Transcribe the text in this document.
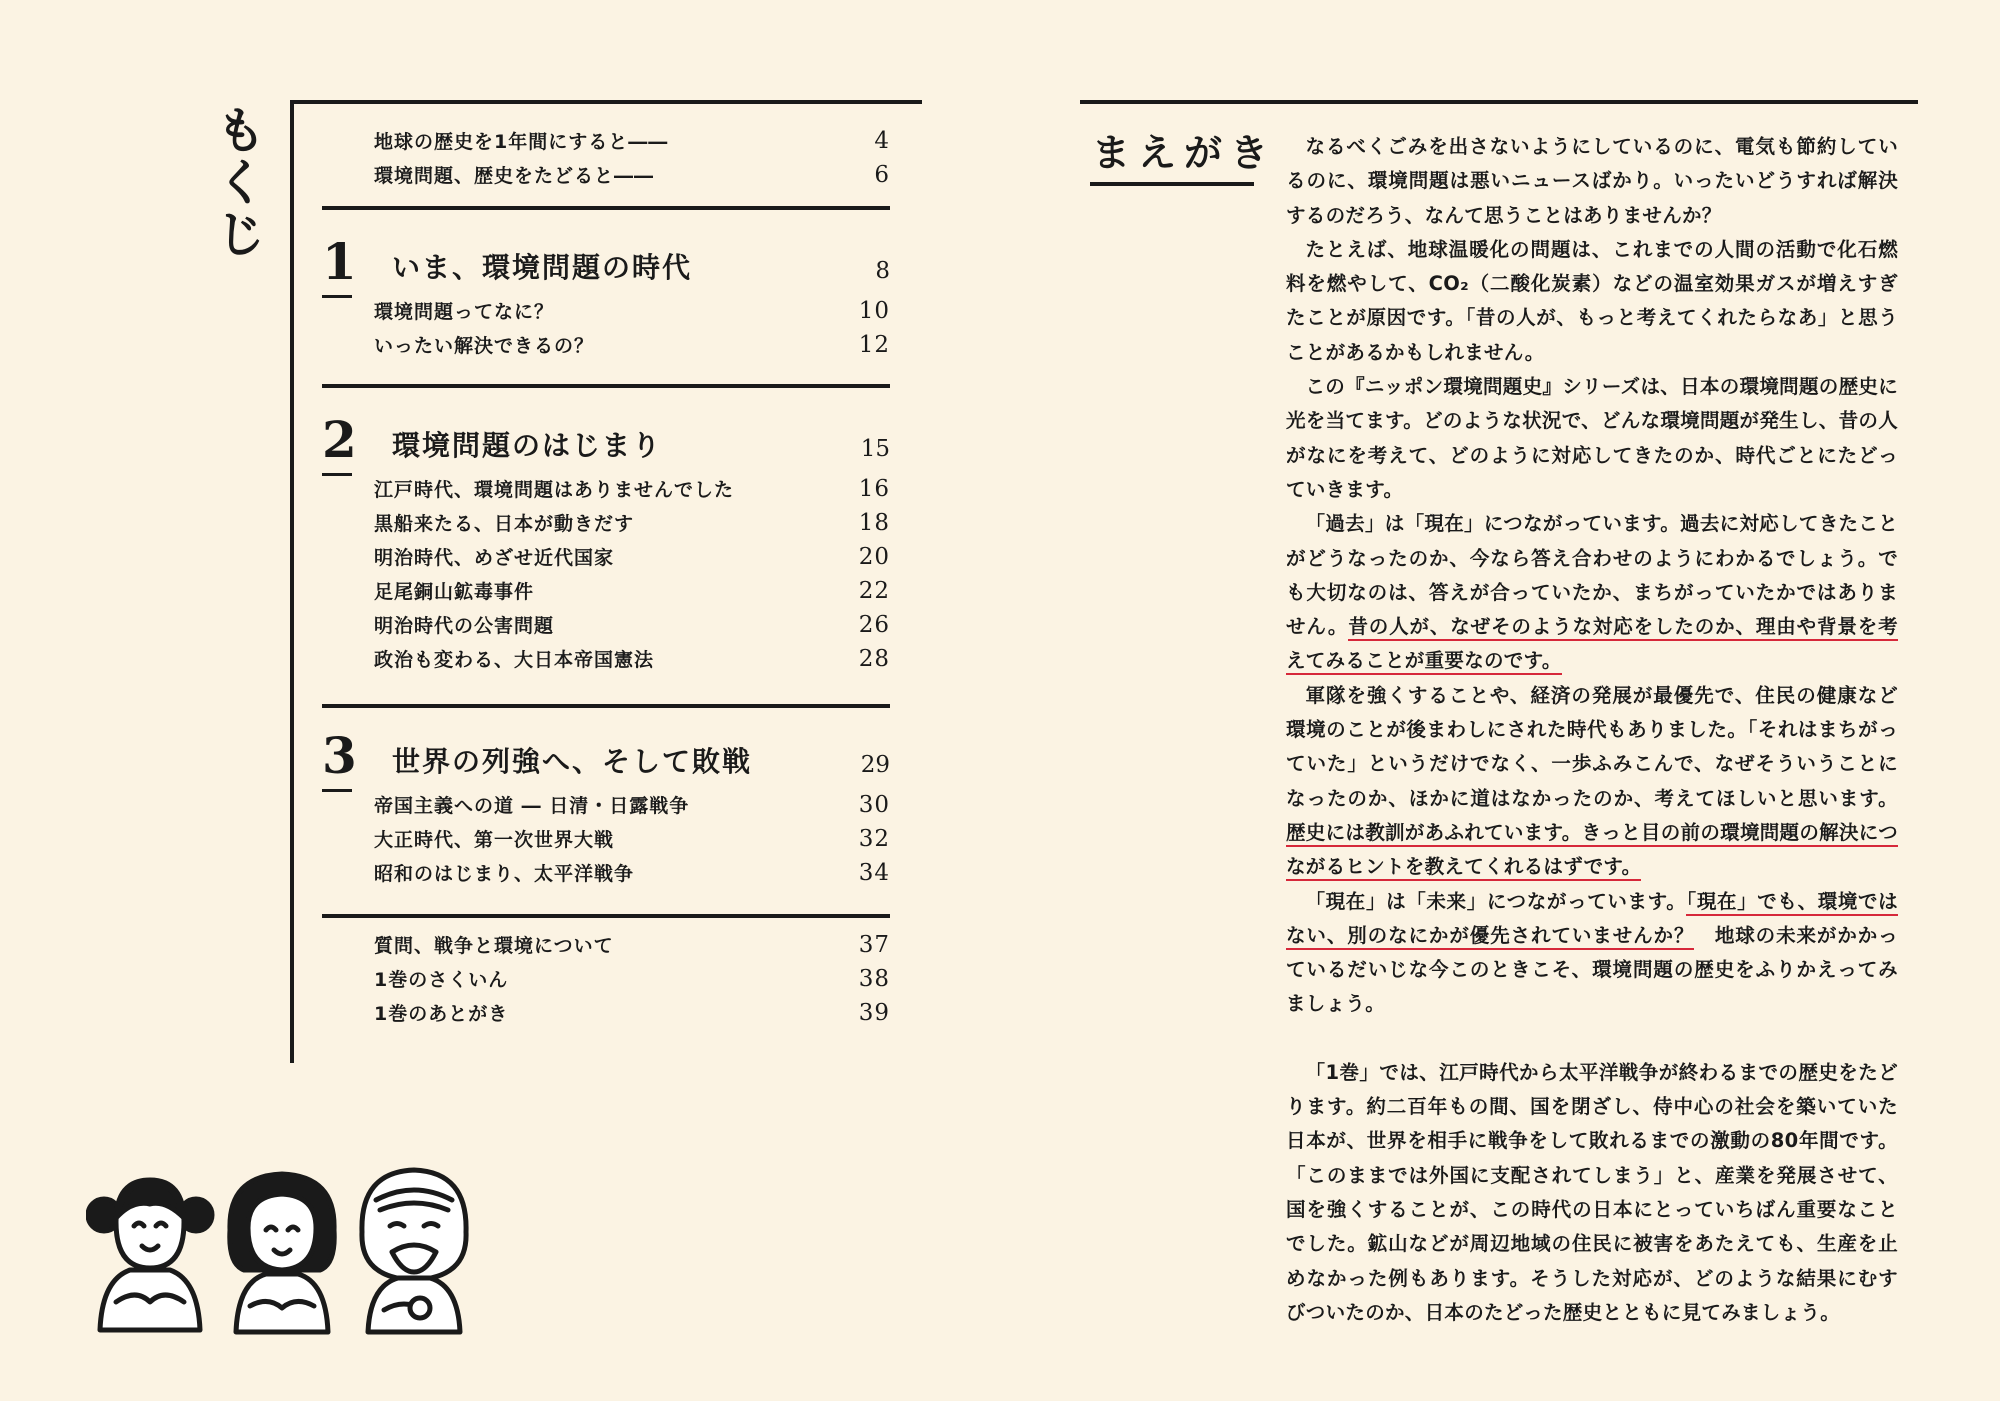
もくじ	地球の歴史を1年間にすると――	4
環境問題、歴史をたどると――	6
1	いま、環境問題の時代	8
環境問題ってなに？	10
いったい解決できるの？	12
2	環境問題のはじまり	15
江戸時代、環境問題はありませんでした	16
黒船来たる、日本が動きだす	18
明治時代、めざせ近代国家	20
足尾銅山鉱毒事件	22
明治時代の公害問題	26
政治も変わる、大日本帝国憲法	28
3	世界の列強へ、そして敗戦	29
帝国主義への道 ― 日清・日露戦争	30
大正時代、第一次世界大戦	32
昭和のはじまり、太平洋戦争	34
質問、戦争と環境について	37
1巻のさくいん	38
1巻のあとがき	39
まえがき	なるべくごみを出さないようにしているのに、電気も節約しているのに、環境問題は悪いニュースばかり。いったいどうすれば解決するのだろう、なんて思うことはありませんか？

たとえば、地球温暖化の問題は、これまでの人間の活動で化石燃料を燃やして、CO₂（二酸化炭素）などの温室効果ガスが増えすぎたことが原因です。「昔の人が、もっと考えてくれたらなあ」と思うことがあるかもしれません。

この『ニッポン環境問題史』シリーズは、日本の環境問題の歴史に光を当てます。どのような状況で、どんな環境問題が発生し、昔の人がなにを考えて、どのように対応してきたのか、時代ごとにたどっていきます。

「過去」は「現在」につながっています。過去に対応してきたことがどうなったのか、今なら答え合わせのようにわかるでしょう。でも大切なのは、答えが合っていたか、まちがっていたかではありません。昔の人が、なぜそのような対応をしたのか、理由や背景を考えてみることが重要なのです。

軍隊を強くすることや、経済の発展が最優先で、住民の健康など環境のことが後まわしにされた時代もありました。「それはまちがっていた」というだけでなく、一歩ふみこんで、なぜそういうことになったのか、ほかに道はなかったのか、考えてほしいと思います。歴史には教訓があふれています。きっと目の前の環境問題の解決につながるヒントを教えてくれるはずです。

「現在」は「未来」につながっています。「現在」でも、環境ではない、別のなにかが優先されていませんか？　 地球の未来がかかっているだいじな今このときこそ、環境問題の歴史をふりかえってみましょう。

「1巻」では、江戸時代から太平洋戦争が終わるまでの歴史をたどります。約二百年もの間、国を閉ざし、侍中心の社会を築いていた日本が、世界を相手に戦争をして敗れるまでの激動の80年間です。「このままでは外国に支配されてしまう」と、産業を発展させて、国を強くすることが、この時代の日本にとっていちばん重要なことでした。鉱山などが周辺地域の住民に被害をあたえても、生産を止めなかった例もあります。そうした対応が、どのような結果にむすびついたのか、日本のたどった歴史とともに見てみましょう。
